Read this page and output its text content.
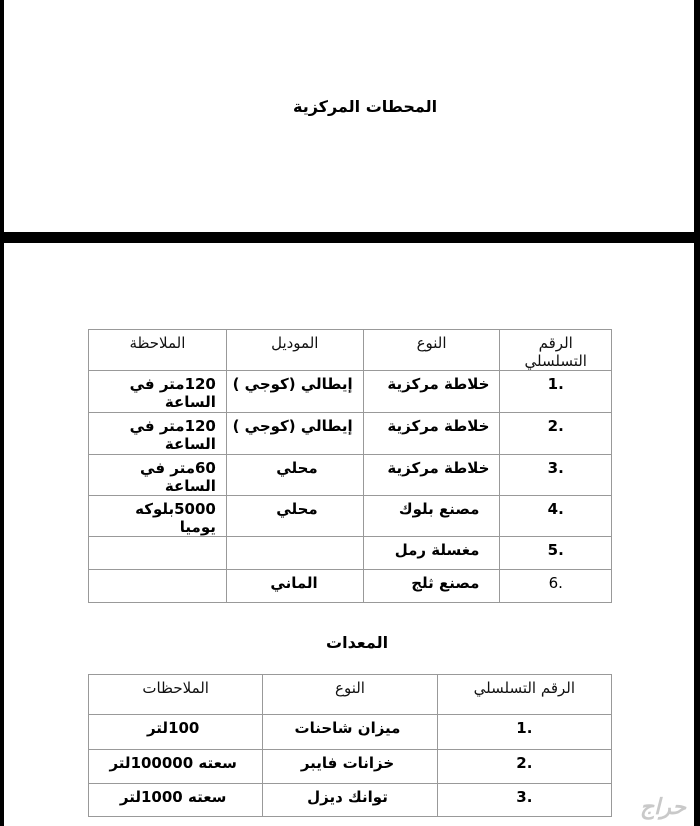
المحطات المركزية
الرقم التسلسلي	النوع	الموديل	الملاحظة
1.	خلاطة مركزية	إيطالي (كوجي )	120متر في الساعة
2.	خلاطة مركزية	إيطالي (كوجي )	120متر في الساعة
3.	خلاطة مركزية	محلي	60متر في الساعة
4.	مصنع بلوك	محلي	5000بلوكه يوميا
5.	مغسلة رمل		
6.	مصنع ثلج	الماني	
المعدات
الرقم التسلسلي	النوع	الملاحظات
1.	ميزان شاحنات	100لتر
2.	خزانات فايبر	سعته 100000لتر
3.	توانك ديزل	سعته 1000لتر	حراج
